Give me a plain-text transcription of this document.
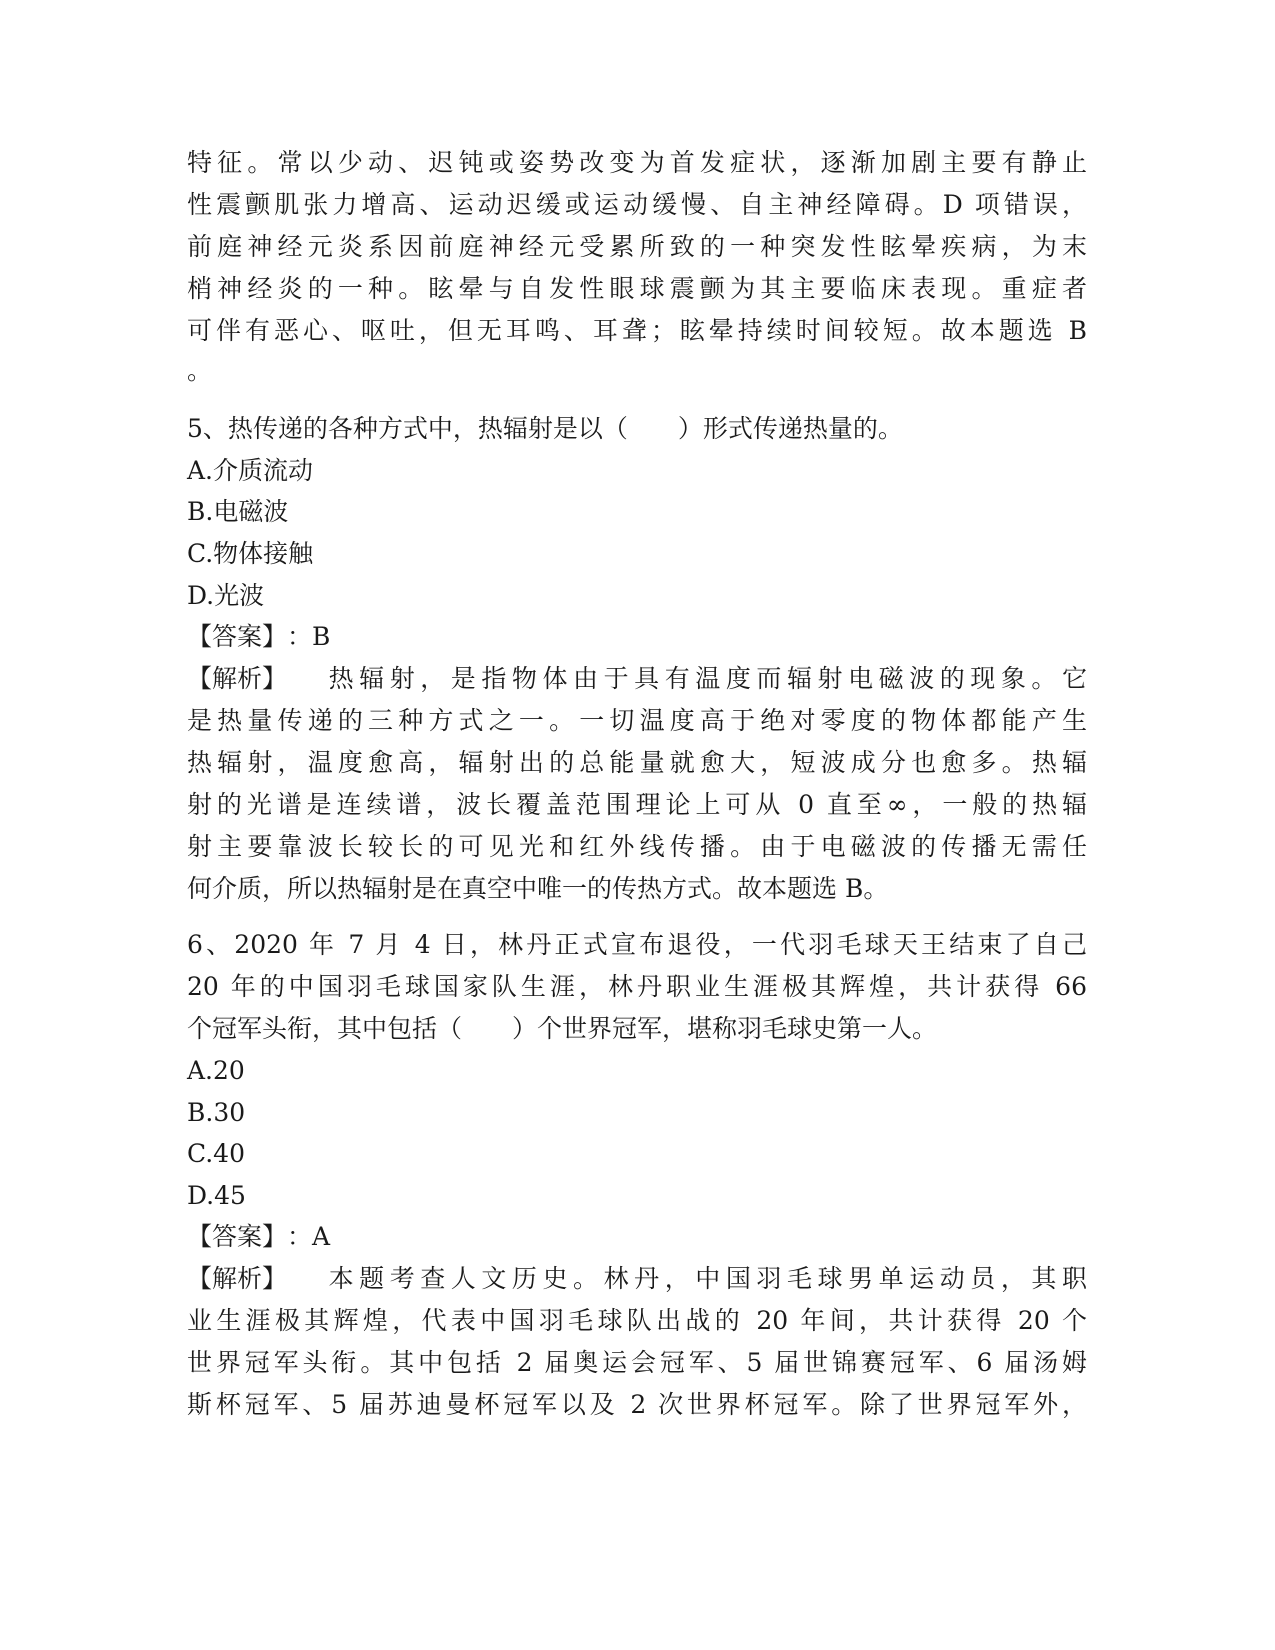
特征。常以少动、迟钝或姿势改变为首发症状，逐渐加剧主要有静止
性震颤肌张力增高、运动迟缓或运动缓慢、自主神经障碍。D 项错误，
前庭神经元炎系因前庭神经元受累所致的一种突发性眩晕疾病，为末
梢神经炎的一种。眩晕与自发性眼球震颤为其主要临床表现。重症者
可伴有恶心、呕吐，但无耳鸣、耳聋；眩晕持续时间较短。故本题选 B
。
5、热传递的各种方式中，热辐射是以（　　）形式传递热量的。
A.介质流动
B.电磁波
C.物体接触
D.光波
【答案】：B
【解析】 热辐射，是指物体由于具有温度而辐射电磁波的现象。它
是热量传递的三种方式之一。一切温度高于绝对零度的物体都能产生
热辐射，温度愈高，辐射出的总能量就愈大，短波成分也愈多。热辐
射的光谱是连续谱，波长覆盖范围理论上可从 0 直至∞，一般的热辐
射主要靠波长较长的可见光和红外线传播。由于电磁波的传播无需任
何介质，所以热辐射是在真空中唯一的传热方式。故本题选 B。
6、2020 年 7 月 4 日，林丹正式宣布退役，一代羽毛球天王结束了自己
20 年的中国羽毛球国家队生涯，林丹职业生涯极其辉煌，共计获得 66
个冠军头衔，其中包括（　　）个世界冠军，堪称羽毛球史第一人。
A.20
B.30
C.40
D.45
【答案】：A
【解析】 本题考查人文历史。林丹，中国羽毛球男单运动员，其职
业生涯极其辉煌，代表中国羽毛球队出战的 20 年间，共计获得 20 个
世界冠军头衔。其中包括 2 届奥运会冠军、5 届世锦赛冠军、6 届汤姆
斯杯冠军、5 届苏迪曼杯冠军以及 2 次世界杯冠军。除了世界冠军外，
